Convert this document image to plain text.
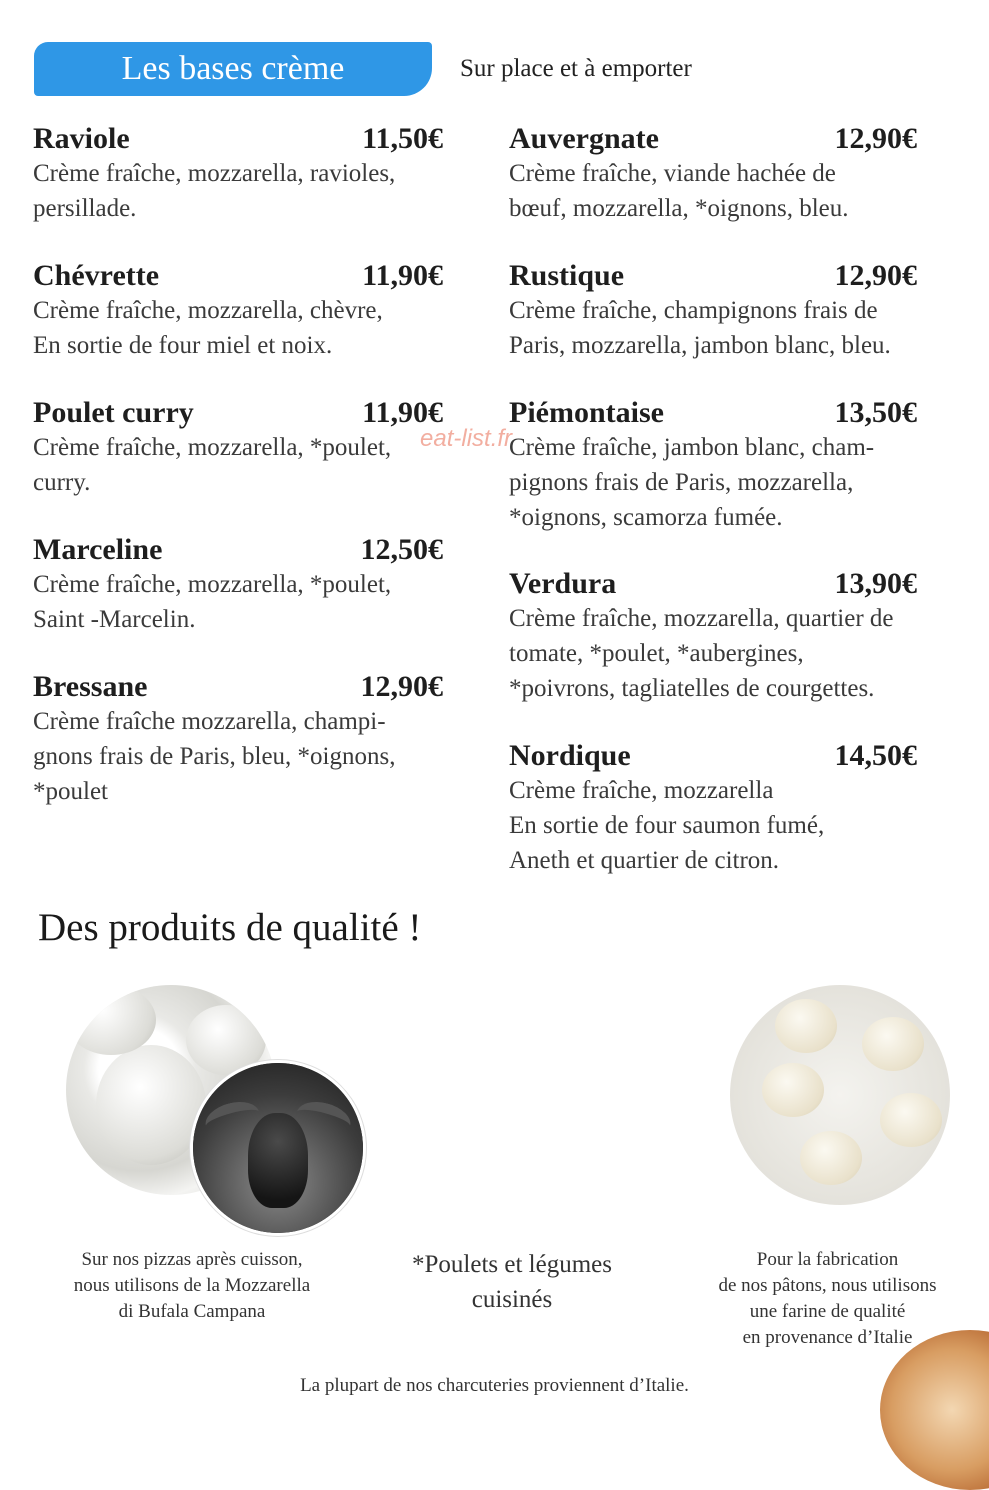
Les bases crème	Sur place et à emporter
Raviole	11,50€
Crème fraîche, mozzarella, ravioles,
persillade.
Chévrette	11,90€
Crème fraîche, mozzarella, chèvre,
En sortie de four miel et noix.
Poulet curry	11,90€
Crème fraîche, mozzarella, *poulet,
curry.
Marceline	12,50€
Crème fraîche, mozzarella, *poulet,
Saint -Marcelin.
Bressane	12,90€
Crème fraîche mozzarella, champi-
gnons frais de Paris, bleu, *oignons,
*poulet
Auvergnate	12,90€
Crème fraîche, viande hachée de
bœuf, mozzarella, *oignons, bleu.
Rustique	12,90€
Crème fraîche, champignons frais de
Paris, mozzarella, jambon blanc, bleu.
Piémontaise	13,50€
Crème fraîche, jambon blanc, cham-
pignons frais de Paris, mozzarella,
*oignons, scamorza fumée.
Verdura	13,90€
Crème fraîche, mozzarella, quartier de
tomate, *poulet, *aubergines,
*poivrons, tagliatelles de courgettes.
Nordique	14,50€
Crème fraîche, mozzarella
En sortie de four saumon fumé,
Aneth et quartier de citron.
eat-list.fr
Des produits de qualité !
Sur nos pizzas après cuisson,
nous utilisons de la Mozzarella
di Bufala Campana
*Poulets et légumes
cuisinés
Pour la fabrication
de nos pâtons, nous utilisons
une farine de qualité
en provenance d’Italie
La plupart de nos charcuteries proviennent d’Italie.
